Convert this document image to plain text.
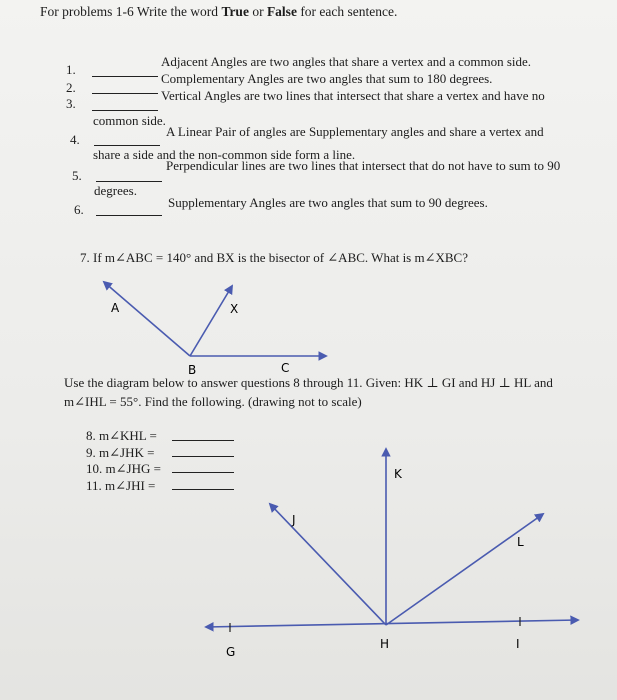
For problems 1-6 Write the word True or False for each sentence.
1.
Adjacent Angles are two angles that share a vertex and a common side.
2.
Complementary Angles are two angles that sum to 180 degrees.
3.
Vertical Angles are two lines that intersect that share a vertex and have no
common side.
4.
A Linear Pair of angles are Supplementary angles and share a vertex and
share a side and the non-common side form a line.
5.
Perpendicular lines are two lines that intersect that do not have to sum to 90
degrees.
6.	Supplementary Angles are two angles that sum to 90 degrees.
7. If m∠ABC = 140° and BX is the bisector of ∠ABC. What is m∠XBC?
Use the diagram below to answer questions 8 through 11. Given: HK ⊥ GI and HJ ⊥ HL and
m∠IHL = 55°. Find the following. (drawing not to scale)
8. m∠KHL =
9. m∠JHK =
10. m∠JHG =
11. m∠JHI =
A	X
B	C
K
J
L
G
H	I
